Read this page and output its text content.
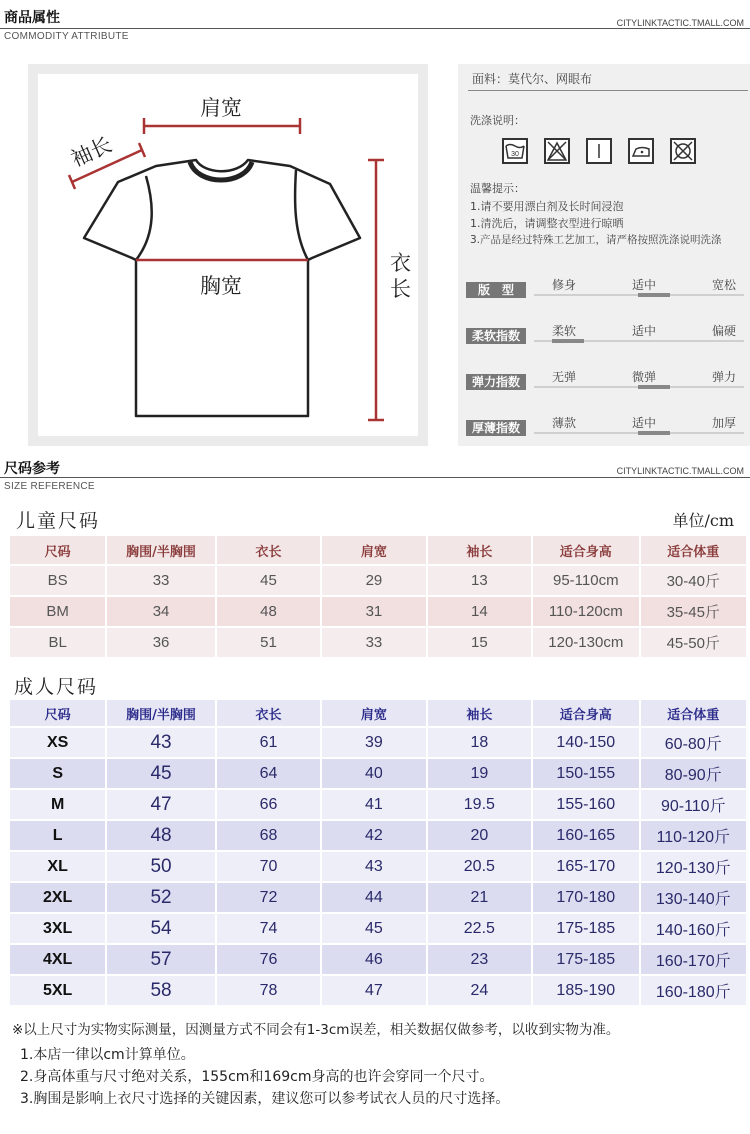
商品属性	CITYLINKTACTIC.TMALL.COM
COMMODITY ATTRIBUTE
肩宽
袖长
胸宽
衣长
面料：莫代尔、网眼布
洗涤说明：
30
温馨提示：
1.请不要用漂白剂及长时间浸泡
1.清洗后，请调整衣型进行晾晒
3.产品是经过特殊工艺加工，请严格按照洗涤说明洗涤
版　型	修身	适中	宽松
柔软指数	柔软	适中	偏硬
弹力指数	无弹	微弹	弹力
厚薄指数	薄款	适中	加厚
尺码参考	CITYLINKTACTIC.TMALL.COM
SIZE REFERENCE
儿童尺码	单位/cm
尺码	胸围/半胸围	衣长	肩宽	袖长	适合身高	适合体重
BS	33	45	29	13	95-110cm	30-40斤
BM	34	48	31	14	110-120cm	35-45斤
BL	36	51	33	15	120-130cm	45-50斤
成人尺码
尺码	胸围/半胸围	衣长	肩宽	袖长	适合身高	适合体重
XS	43	61	39	18	140-150	60-80斤
S	45	64	40	19	150-155	80-90斤
M	47	66	41	19.5	155-160	90-110斤
L	48	68	42	20	160-165	110-120斤
XL	50	70	43	20.5	165-170	120-130斤
2XL	52	72	44	21	170-180	130-140斤
3XL	54	74	45	22.5	175-185	140-160斤
4XL	57	76	46	23	175-185	160-170斤
5XL	58	78	47	24	185-190	160-180斤
※以上尺寸为实物实际测量，因测量方式不同会有1-3cm误差，相关数据仅做参考，以收到实物为准。
1.本店一律以cm计算单位。
2.身高体重与尺寸绝对关系，155cm和169cm身高的也许会穿同一个尺寸。
3.胸围是影响上衣尺寸选择的关键因素，建议您可以参考试衣人员的尺寸选择。
